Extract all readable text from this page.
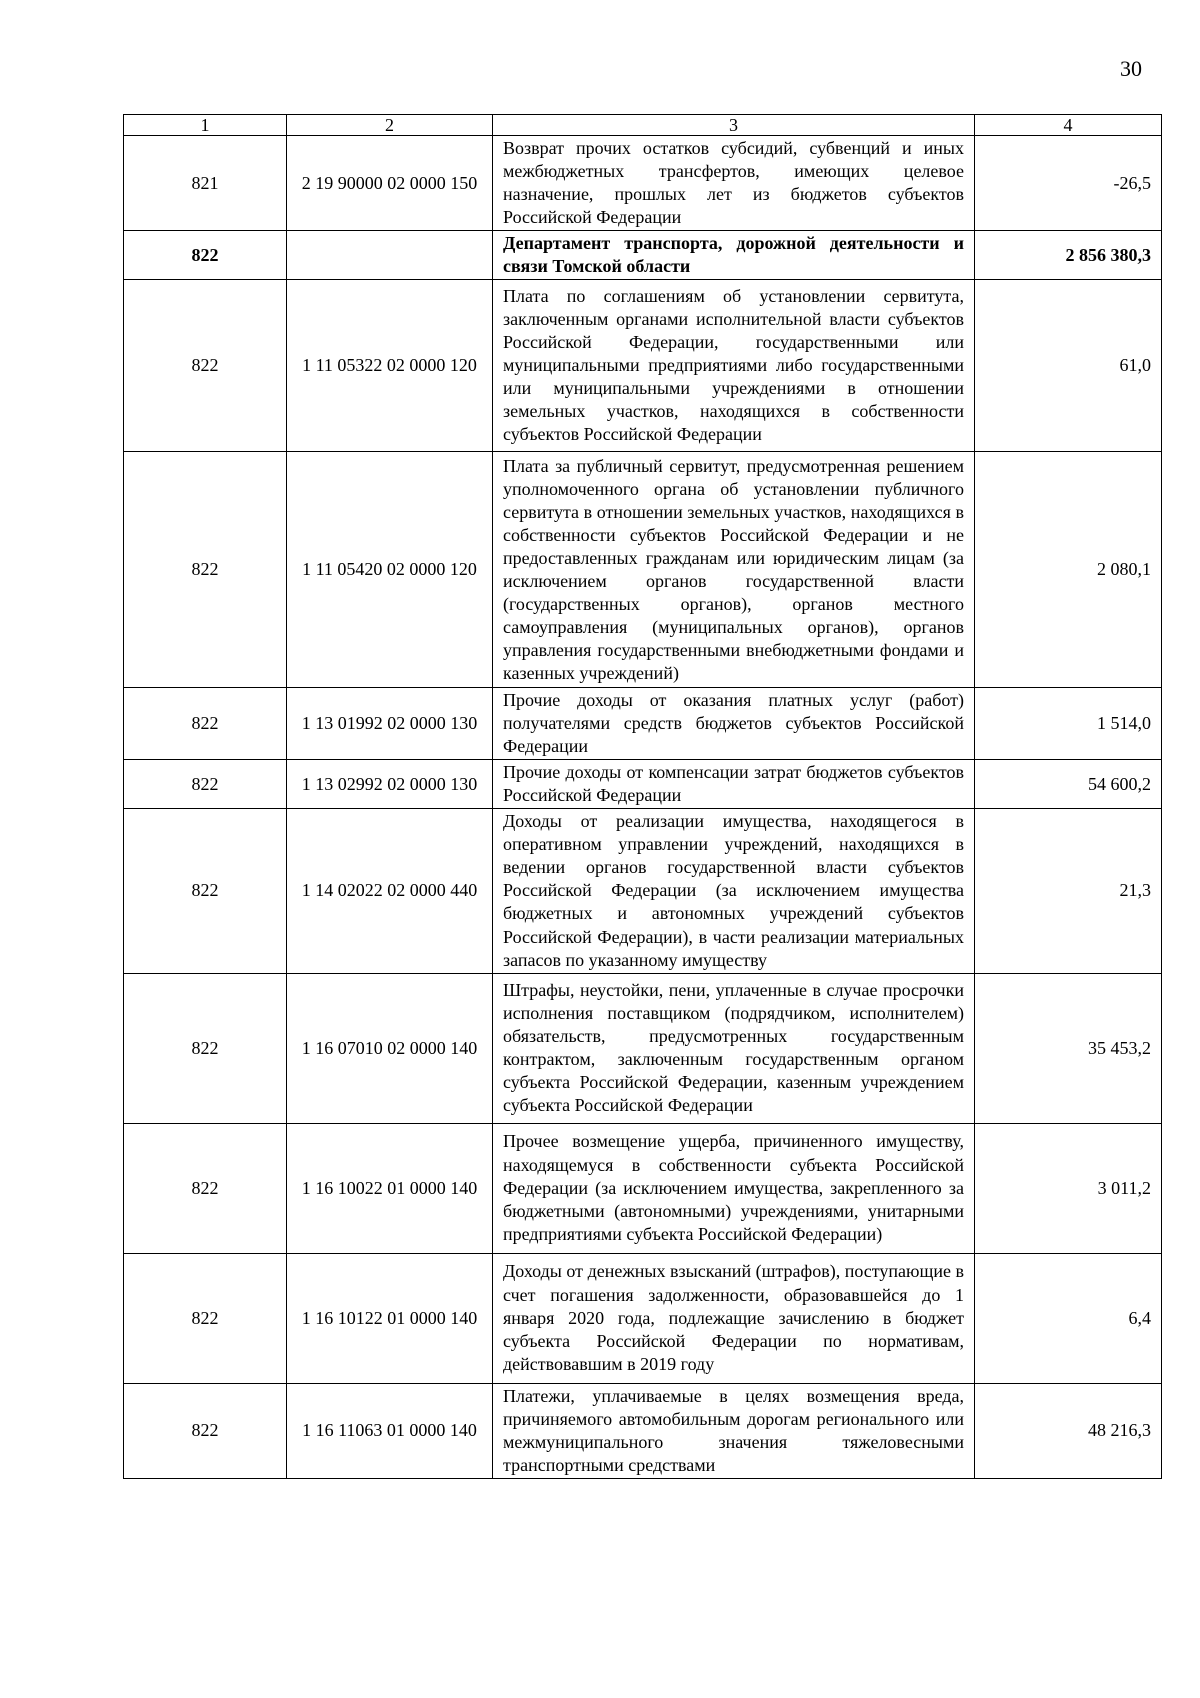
30
1	2	3	4
821	2 19 90000 02 0000 150	Возврат прочих остатков субсидий, субвенций и иных межбюджетных трансфертов, имеющих целевое назначение, прошлых лет из бюджетов субъектов Российской Федерации	-26,5
822		Департамент транспорта, дорожной деятельности и связи Томской области	2 856 380,3
822	1 11 05322 02 0000 120	Плата по соглашениям об установлении сервитута, заключенным органами исполнительной власти субъектов Российской Федерации, государственными или муниципальными предприятиями либо государственными или муниципальными учреждениями в отношении земельных участков, находящихся в собственности субъектов Российской Федерации	61,0
822	1 11 05420 02 0000 120	Плата за публичный сервитут, предусмотренная решением уполномоченного органа об установлении публичного сервитута в отношении земельных участков, находящихся в собственности субъектов Российской Федерации и не предоставленных гражданам или юридическим лицам (за исключением органов государственной власти (государственных органов), органов местного самоуправления (муниципальных органов), органов управления государственными внебюджетными фондами и казенных учреждений)	2 080,1
822	1 13 01992 02 0000 130	Прочие доходы от оказания платных услуг (работ) получателями средств бюджетов субъектов Российской Федерации	1 514,0
822	1 13 02992 02 0000 130	Прочие доходы от компенсации затрат бюджетов субъектов Российской Федерации	54 600,2
822	1 14 02022 02 0000 440	Доходы от реализации имущества, находящегося в оперативном управлении учреждений, находящихся в ведении органов государственной власти субъектов Российской Федерации (за исключением имущества бюджетных и автономных учреждений субъектов Российской Федерации), в части реализации материальных запасов по указанному имуществу	21,3
822	1 16 07010 02 0000 140	Штрафы, неустойки, пени, уплаченные в случае просрочки исполнения поставщиком (подрядчиком, исполнителем) обязательств, предусмотренных государственным контрактом, заключенным государственным органом субъекта Российской Федерации, казенным учреждением субъекта Российской Федерации	35 453,2
822	1 16 10022 01 0000 140	Прочее возмещение ущерба, причиненного имуществу, находящемуся в собственности субъекта Российской Федерации (за исключением имущества, закрепленного за бюджетными (автономными) учреждениями, унитарными предприятиями субъекта Российской Федерации)	3 011,2
822	1 16 10122 01 0000 140	Доходы от денежных взысканий (штрафов), поступающие в счет погашения задолженности, образовавшейся до 1 января 2020 года, подлежащие зачислению в бюджет субъекта Российской Федерации по нормативам, действовавшим в 2019 году	6,4
822	1 16 11063 01 0000 140	Платежи, уплачиваемые в целях возмещения вреда, причиняемого автомобильным дорогам регионального или межмуниципального значения тяжеловесными транспортными средствами	48 216,3
